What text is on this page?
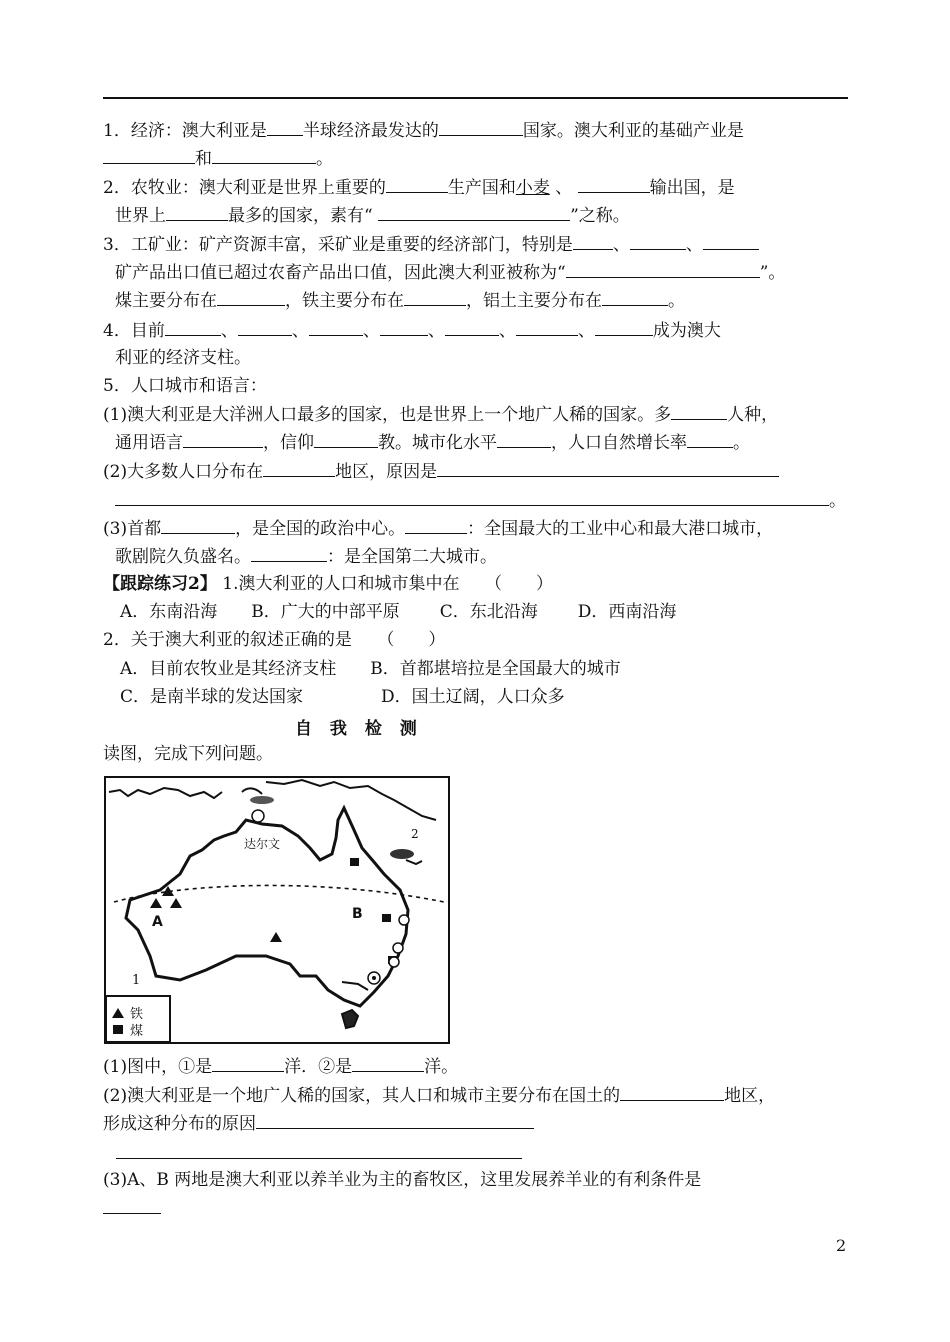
1．经济：澳大利亚是 半球经济最发达的	国家。澳大利亚的基础产业是
和	。
2．农牧业：澳大利亚是世界上重要的	生产国和小麦 、	输出国，是
世界上	最多的国家，素有“	”之称。
3．工矿业：矿产资源丰富，采矿业是重要的经济部门，特别是 、	、
矿产品出口值已超过农畜产品出口值，因此澳大利亚被称为“	”。
煤主要分布在	，铁主要分布在	，铝土主要分布在	。
4．目前	、	、	、	、	、	、	成为澳大
利亚的经济支柱。
5．人口城市和语言：
(1)澳大利亚是大洋洲人口最多的国家，也是世界上一个地广人稀的国家。多	人种，
通用语言	，信仰	教。城市化水平	，人口自然增长率	。
(2)大多数人口分布在	地区，原因是
。
(3)首都	，是全国的政治中心。	：全国最大的工业中心和最大港口城市，
歌剧院久负盛名。	：是全国第二大城市。
【跟踪练习2】 1.澳大利亚的人口和城市集中在　　（　　）
A．东南沿海 B．广大的中部平原 C．东北沿海 D．西南沿海
2．关于澳大利亚的叙述正确的是　　（　　）
A．目前农牧业是其经济支柱 B．首都堪培拉是全国最大的城市
C．是南半球的发达国家	D．国土辽阔，人口众多
自 我 检 测
读图，完成下列问题。
达尔文
2
1
A	B
铁
煤
(1)图中，①是	洋．②是	洋。
(2)澳大利亚是一个地广人稀的国家，其人口和城市主要分布在国土的	地区，
形成这种分布的原因
(3)A、B 两地是澳大利亚以养羊业为主的畜牧区，这里发展养羊业的有利条件是
2
